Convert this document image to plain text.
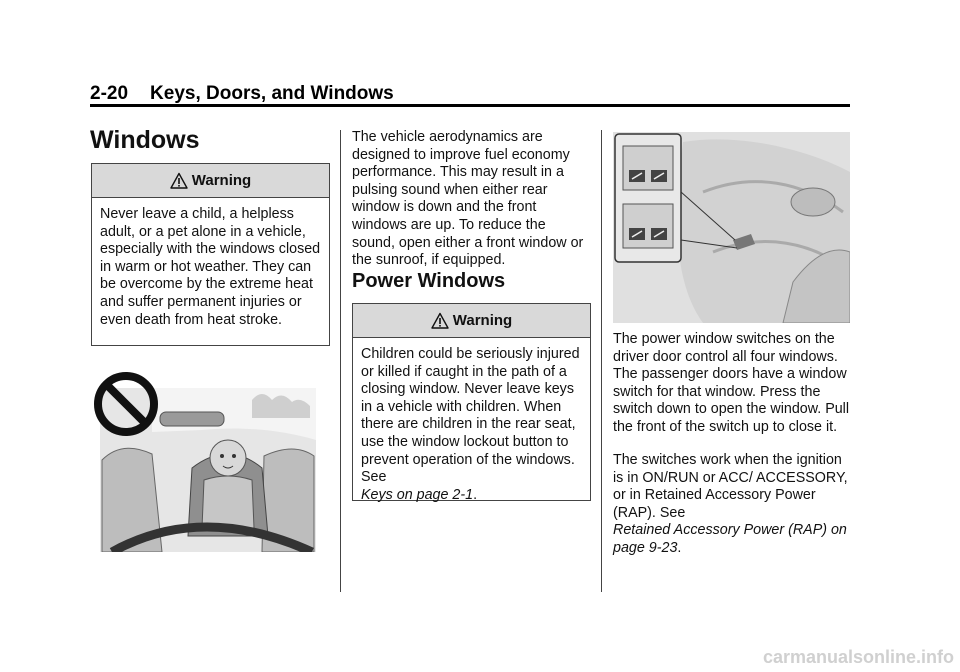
2-20 Keys, Doors, and Windows
Windows
Warning
Never leave a child, a helpless adult, or a pet alone in a vehicle, especially with the windows closed in warm or hot weather. They can be overcome by the extreme heat and suffer permanent injuries or even death from heat stroke.

The vehicle aerodynamics are designed to improve fuel economy performance. This may result in a pulsing sound when either rear window is down and the front windows are up. To reduce the sound, open either a front window or the sunroof, if equipped.

Power Windows
Warning
Children could be seriously injured or killed if caught in the path of a closing window. Never leave keys in a vehicle with children. When there are children in the rear seat, use the window lockout button to prevent operation of the windows. See
Keys on page 2-1.

The power window switches on the driver door control all four windows. The passenger doors have a window switch for that window. Press the switch down to open the window. Pull the front of the switch up to close it.

The switches work when the ignition is in ON/RUN or ACC/ ACCESSORY, or in Retained Accessory Power (RAP). See
Retained Accessory Power (RAP) on page 9-23.

carmanualsonline.info
